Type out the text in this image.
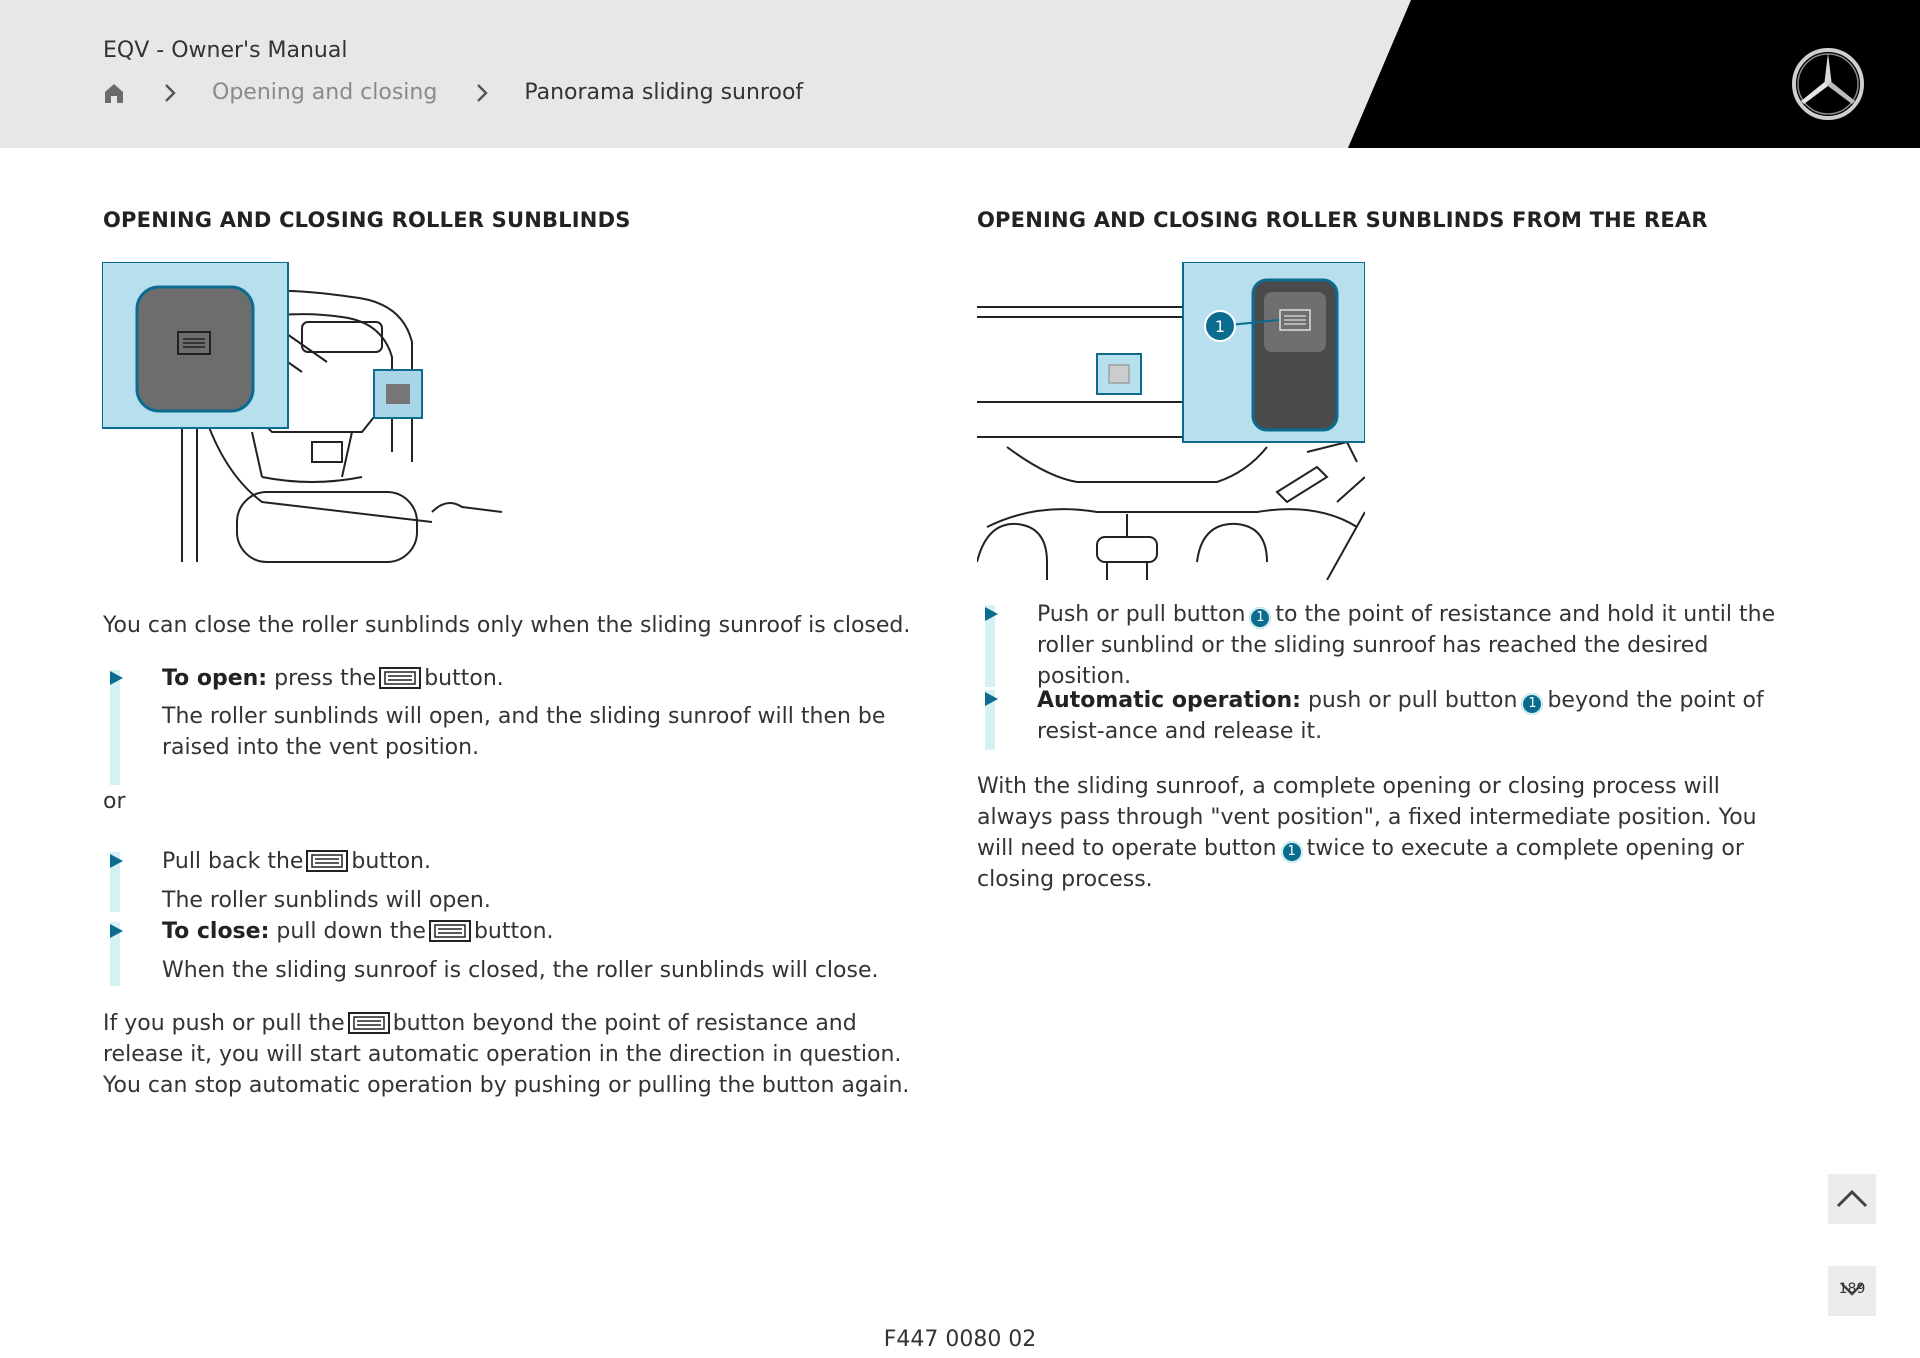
EQV - Owner's Manual
Opening and closing	Panorama sliding sunroof
OPENING AND CLOSING ROLLER SUNBLINDS

You can close the roller sunblinds only when the sliding sunroof is closed.

To open: press the button.

The roller sunblinds will open, and the sliding sunroof will then be raised into the vent position.

or

Pull back the button.

The roller sunblinds will open.

To close: pull down the button.

When the sliding sunroof is closed, the roller sunblinds will close.

If you push or pull the button beyond the point of resistance and release it, you will start automatic operation in the direction in question. You can stop automatic operation by pushing or pulling the button again.

OPENING AND CLOSING ROLLER SUNBLINDS FROM THE REAR
1

Push or pull button 1 to the point of resistance and hold it until the roller sunblind or the sliding sunroof has reached the desired position.

Automatic operation: push or pull button 1 beyond the point of resist-ance and release it.

With the sliding sunroof, a complete opening or closing process will always pass through "vent position", a fixed intermediate position. You will need to operate button 1 twice to execute a complete opening or closing process.

189
F447 0080 02
